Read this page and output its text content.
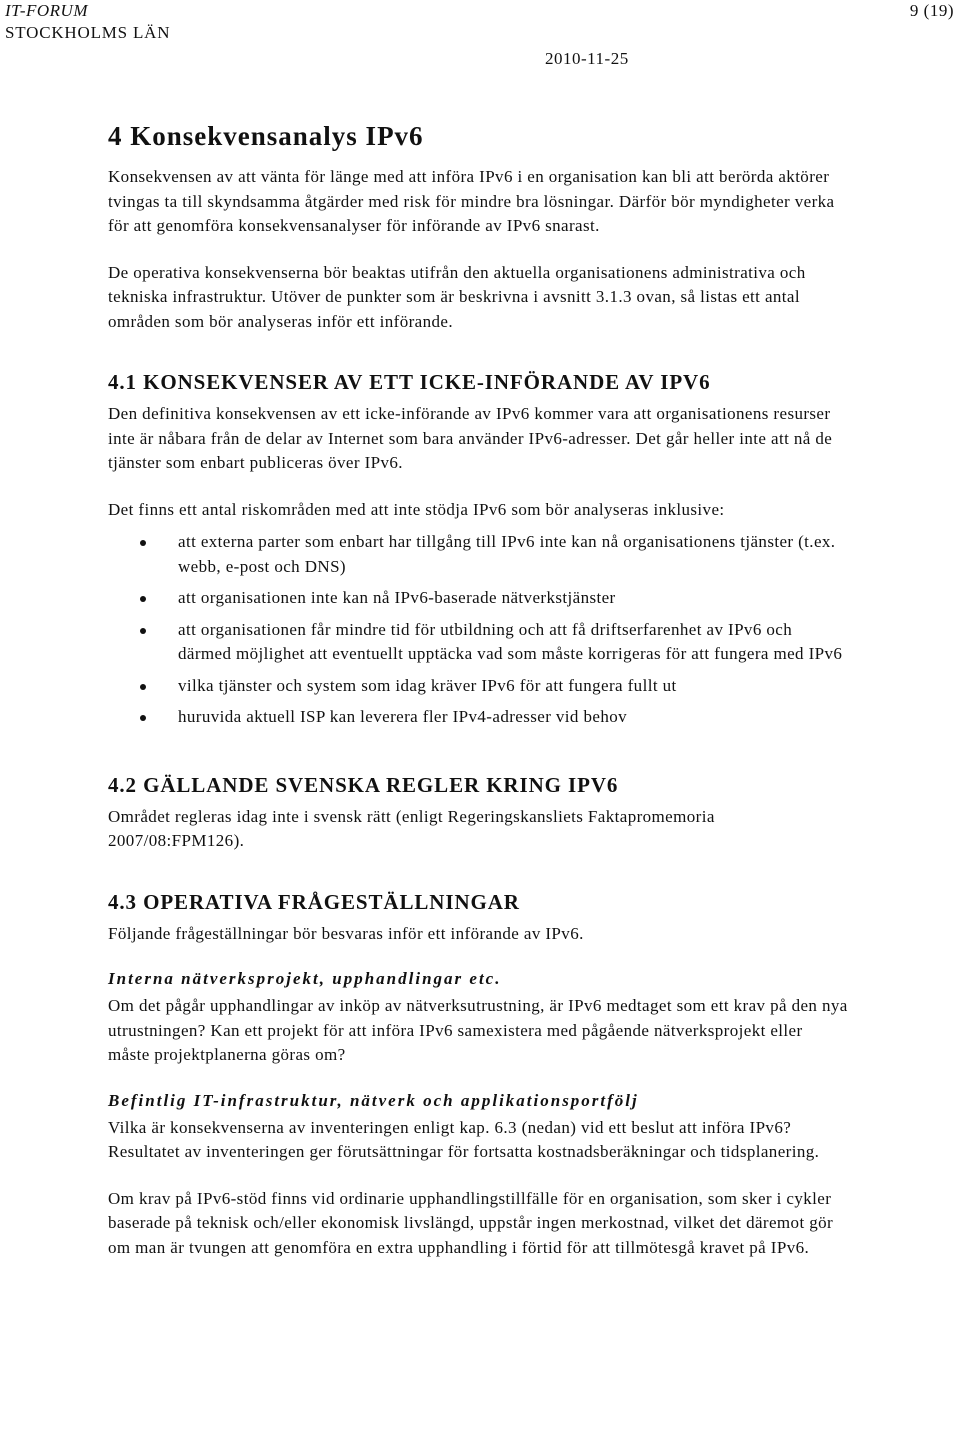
IT-FORUM
STOCKHOLMS LÄN
2010-11-25
9 (19)
4 Konsekvensanalys IPv6

Konsekvensen av att vänta för länge med att införa IPv6 i en organisation kan bli att berörda aktörer tvingas ta till skyndsamma åtgärder med risk för mindre bra lösningar. Därför bör myndigheter verka för att genomföra konsekvensanalyser för införande av IPv6 snarast.

De operativa konsekvenserna bör beaktas utifrån den aktuella organisationens administrativa och tekniska infrastruktur. Utöver de punkter som är beskrivna i avsnitt 3.1.3 ovan, så listas ett antal områden som bör analyseras inför ett införande.

4.1 KONSEKVENSER AV ETT ICKE-INFÖRANDE AV IPV6

Den definitiva konsekvensen av ett icke-införande av IPv6 kommer vara att organisationens resurser inte är nåbara från de delar av Internet som bara använder IPv6-adresser. Det går heller inte att nå de tjänster som enbart publiceras över IPv6.

Det finns ett antal riskområden med att inte stödja IPv6 som bör analyseras inklusive:

att externa parter som enbart har tillgång till IPv6 inte kan nå organisationens tjänster (t.ex. webb, e-post och DNS)
att organisationen inte kan nå IPv6-baserade nätverkstjänster
att organisationen får mindre tid för utbildning och att få driftserfarenhet av IPv6 och därmed möjlighet att eventuellt upptäcka vad som måste korrigeras för att fungera med IPv6
vilka tjänster och system som idag kräver IPv6 för att fungera fullt ut
huruvida aktuell ISP kan leverera fler IPv4-adresser vid behov
4.2 GÄLLANDE SVENSKA REGLER KRING IPV6

Området regleras idag inte i svensk rätt (enligt Regeringskansliets Faktapromemoria 2007/08:FPM126).

4.3 OPERATIVA FRÅGESTÄLLNINGAR

Följande frågeställningar bör besvaras inför ett införande av IPv6.

Interna nätverksprojekt, upphandlingar etc.

Om det pågår upphandlingar av inköp av nätverksutrustning, är IPv6 medtaget som ett krav på den nya utrustningen? Kan ett projekt för att införa IPv6 samexistera med pågående nätverksprojekt eller måste projektplanerna göras om?

Befintlig IT-infrastruktur, nätverk och applikationsportfölj

Vilka är konsekvenserna av inventeringen enligt kap. 6.3 (nedan) vid ett beslut att införa IPv6? Resultatet av inventeringen ger förutsättningar för fortsatta kostnadsberäkningar och tidsplanering.

Om krav på IPv6-stöd finns vid ordinarie upphandlingstillfälle för en organisation, som sker i cykler baserade på teknisk och/eller ekonomisk livslängd, uppstår ingen merkostnad, vilket det däremot gör om man är tvungen att genomföra en extra upphandling i förtid för att tillmötesgå kravet på IPv6.
